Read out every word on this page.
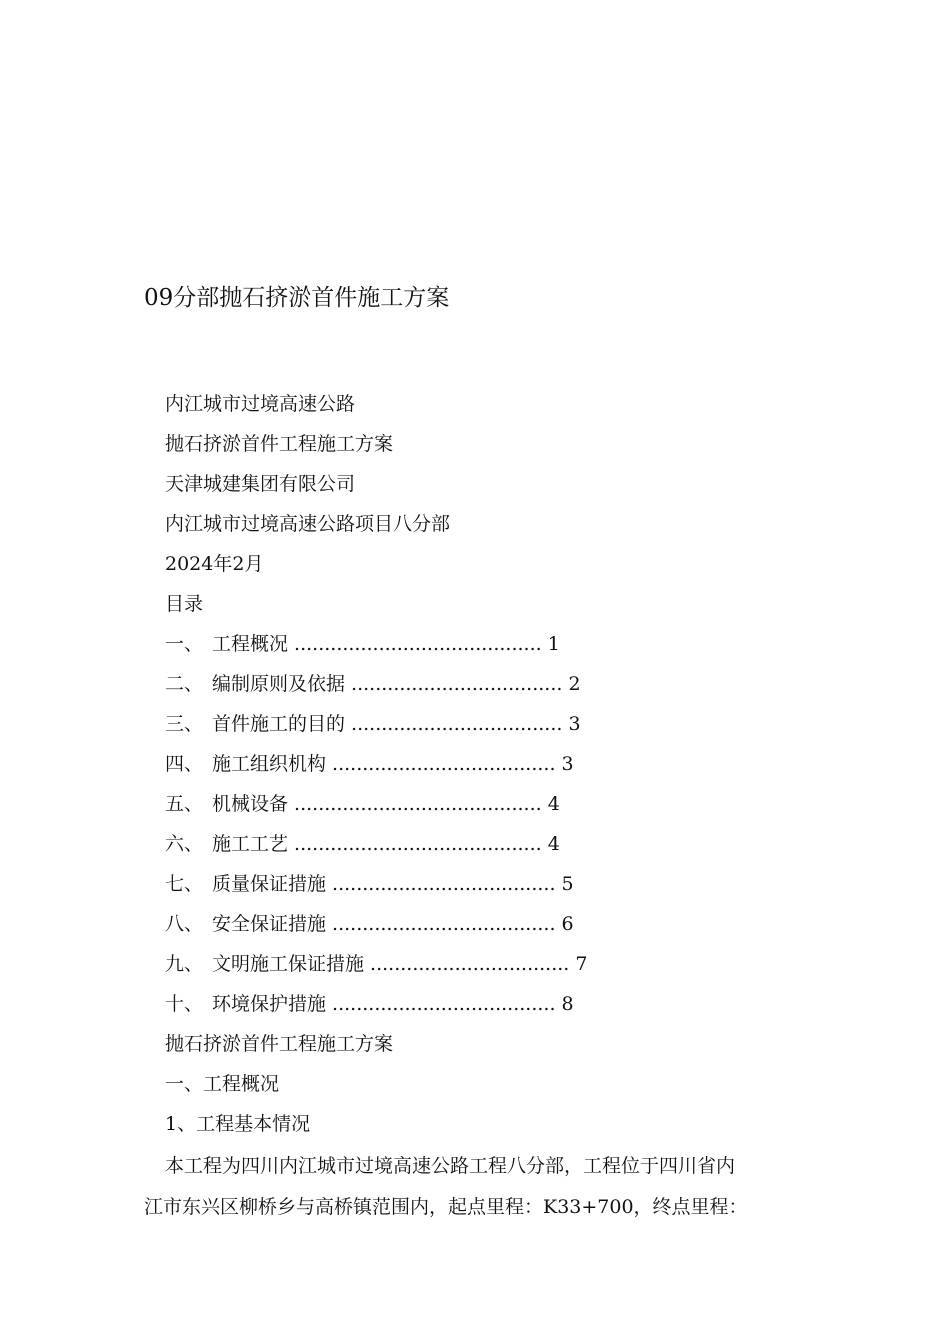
09分部抛石挤淤首件施工方案
内江城市过境高速公路
抛石挤淤首件工程施工方案
天津城建集团有限公司
内江城市过境高速公路项目八分部
2024年2月
目录
一、 工程概况 ......................................... 1
二、 编制原则及依据 ................................... 2
三、 首件施工的目的 ................................... 3
四、 施工组织机构 ..................................... 3
五、 机械设备 ......................................... 4
六、 施工工艺 ......................................... 4
七、 质量保证措施 ..................................... 5
八、 安全保证措施 ..................................... 6
九、 文明施工保证措施 ................................. 7
十、 环境保护措施 ..................................... 8
抛石挤淤首件工程施工方案
一、工程概况
1、工程基本情况
本工程为四川内江城市过境高速公路工程八分部，工程位于四川省内
江市东兴区柳桥乡与高桥镇范围内，起点里程：K33+700，终点里程：
